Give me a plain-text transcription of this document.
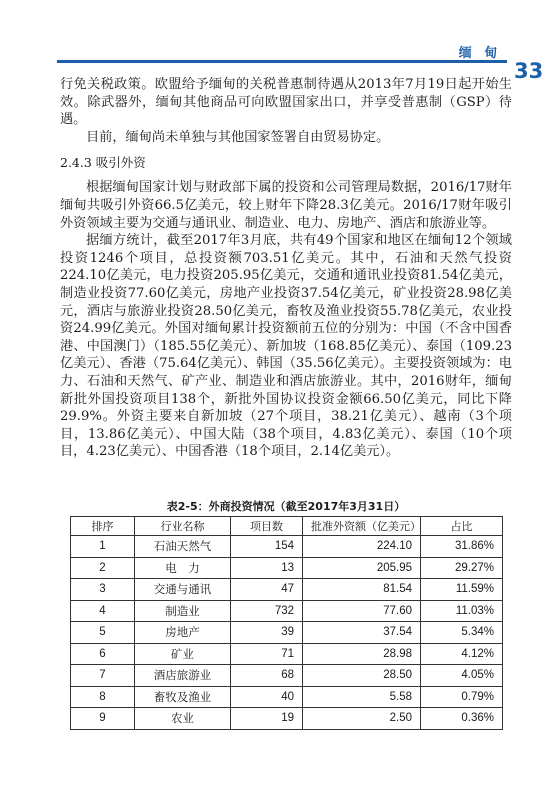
缅 甸
33

行免关税政策。欧盟给予缅甸的关税普惠制待遇从2013年7月19日起开始生效。除武器外，缅甸其他商品可向欧盟国家出口，并享受普惠制（GSP）待遇。

目前，缅甸尚未单独与其他国家签署自由贸易协定。

2.4.3 吸引外资

根据缅甸国家计划与财政部下属的投资和公司管理局数据，2016/17财年缅甸共吸引外资66.5亿美元，较上财年下降28.3亿美元。2016/17财年吸引外资领域主要为交通与通讯业、制造业、电力、房地产、酒店和旅游业等。

据缅方统计，截至2017年3月底，共有49个国家和地区在缅甸12个领域投资1246个项目，总投资额703.51亿美元。其中，石油和天然气投资224.10亿美元，电力投资205.95亿美元，交通和通讯业投资81.54亿美元，制造业投资77.60亿美元，房地产业投资37.54亿美元，矿业投资28.98亿美元，酒店与旅游业投资28.50亿美元，畜牧及渔业投资55.78亿美元，农业投资24.99亿美元。外国对缅甸累计投资额前五位的分别为：中国（不含中国香港、中国澳门）（185.55亿美元）、新加坡（168.85亿美元）、泰国（109.23亿美元）、香港（75.64亿美元）、韩国（35.56亿美元）。主要投资领域为：电力、石油和天然气、矿产业、制造业和酒店旅游业。其中，2016财年，缅甸新批外国投资项目138个，新批外国协议投资金额66.50亿美元，同比下降29.9%。外资主要来自新加坡（27个项目，38.21亿美元）、越南（3个项目，13.86亿美元）、中国大陆（38个项目，4.83亿美元）、泰国（10个项目，4.23亿美元）、中国香港（18个项目，2.14亿美元）。

表2-5：外商投资情况（截至2017年3月31日）
排序	行业名称	项目数	批准外资额（亿美元）	占比
1	石油天然气	154	224.10	31.86%
2	电　力	13	205.95	29.27%
3	交通与通讯	47	81.54	11.59%
4	制造业	732	77.60	11.03%
5	房地产	39	37.54	5.34%
6	矿业	71	28.98	4.12%
7	酒店旅游业	68	28.50	4.05%
8	畜牧及渔业	40	5.58	0.79%
9	农业	19	2.50	0.36%
